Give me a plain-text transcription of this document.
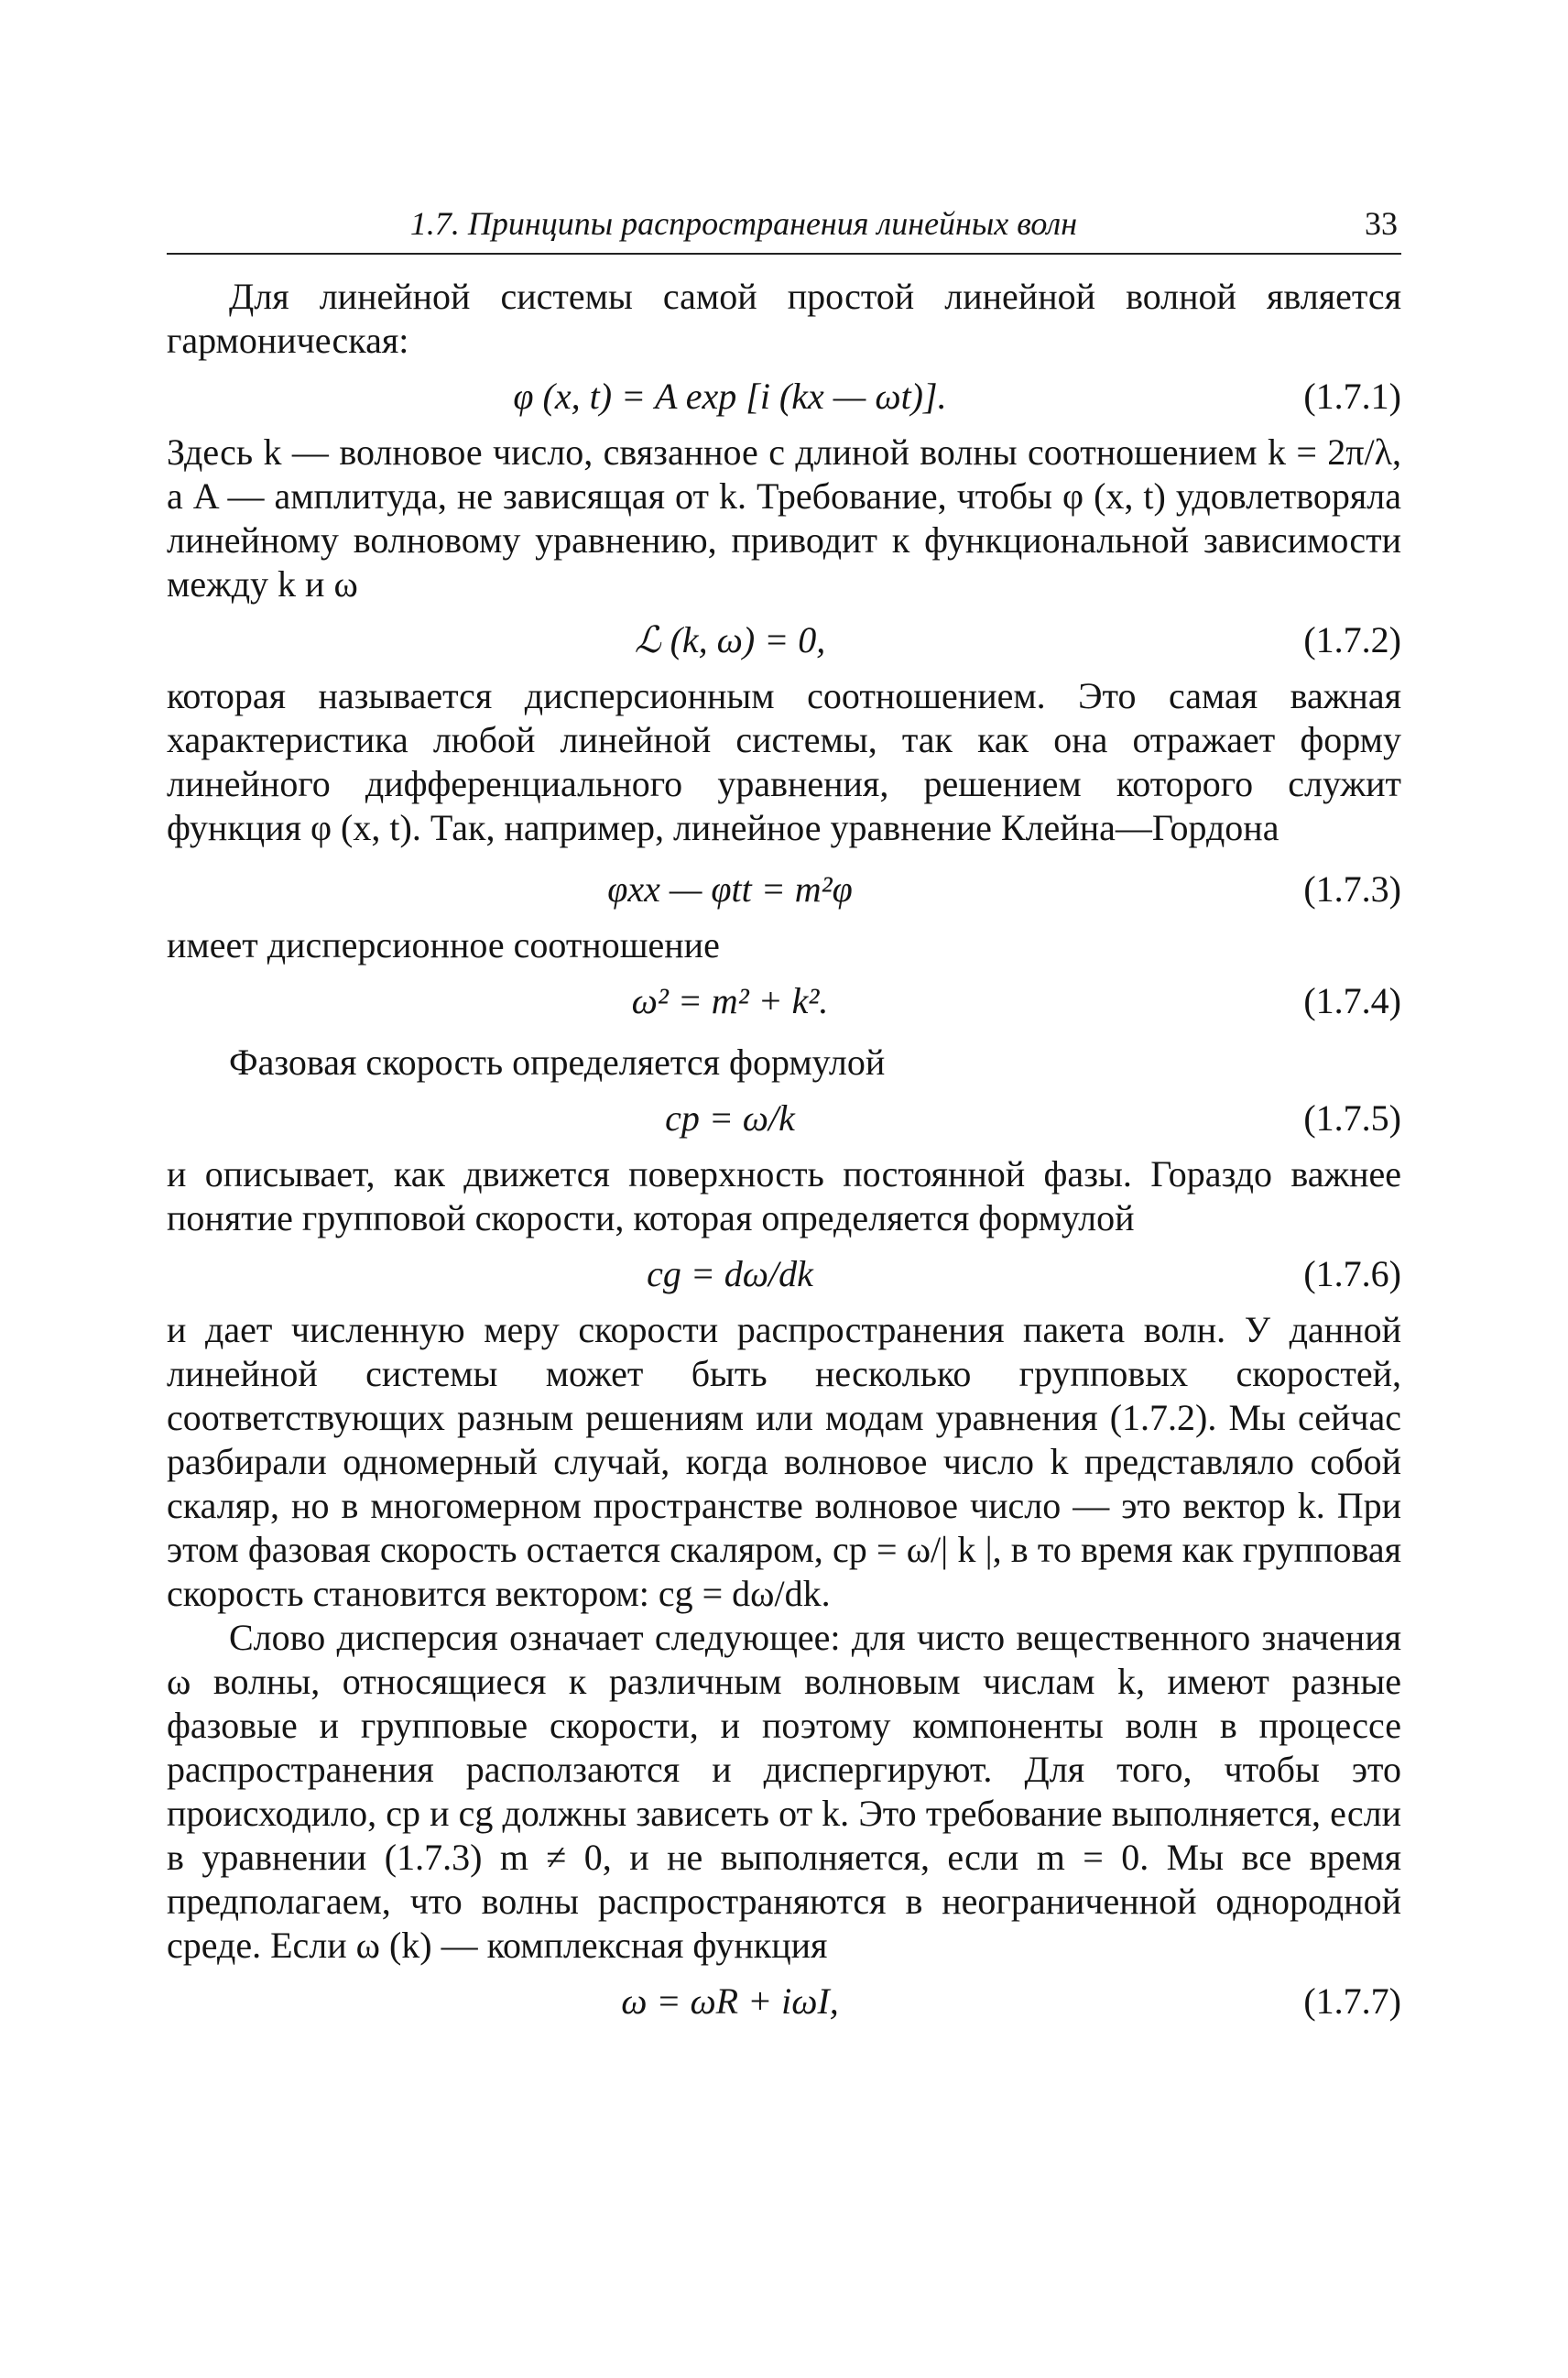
1.7. Принципы распространения линейных волн	33

Для линейной системы самой простой линейной волной является гармоническая:

φ (x, t) = A exp [i (kx — ωt)].	(1.7.1)

Здесь k — волновое число, связанное с длиной волны соотношением k = 2π/λ, а A — амплитуда, не зависящая от k. Требование, чтобы φ (x, t) удовлетворяла линейному волновому уравнению, приводит к функциональной зависимости между k и ω

ℒ (k, ω) = 0,	(1.7.2)

которая называется дисперсионным соотношением. Это самая важная характеристика любой линейной системы, так как она отражает форму линейного дифференциального уравнения, решением которого служит функция φ (x, t). Так, например, линейное уравнение Клейна—Гордона

φxx — φtt = m²φ	(1.7.3)

имеет дисперсионное соотношение

ω² = m² + k².	(1.7.4)

Фазовая скорость определяется формулой

cp = ω/k	(1.7.5)

и описывает, как движется поверхность постоянной фазы. Гораздо важнее понятие групповой скорости, которая определяется формулой

cg = dω/dk	(1.7.6)

и дает численную меру скорости распространения пакета волн. У данной линейной системы может быть несколько групповых скоростей, соответствующих разным решениям или модам уравнения (1.7.2). Мы сейчас разбирали одномерный случай, когда волновое число k представляло собой скаляр, но в многомерном пространстве волновое число — это вектор k. При этом фазовая скорость остается скаляром, cp = ω/| k |, в то время как групповая скорость становится вектором: cg = dω/dk.

Слово дисперсия означает следующее: для чисто вещественного значения ω волны, относящиеся к различным волновым числам k, имеют разные фазовые и групповые скорости, и поэтому компоненты волн в процессе распространения расползаются и диспергируют. Для того, чтобы это происходило, cp и cg должны зависеть от k. Это требование выполняется, если в уравнении (1.7.3) m ≠ 0, и не выполняется, если m = 0. Мы все время предполагаем, что волны распространяются в неограниченной однородной среде. Если ω (k) — комплексная функция

ω = ωR + iωI,	(1.7.7)
